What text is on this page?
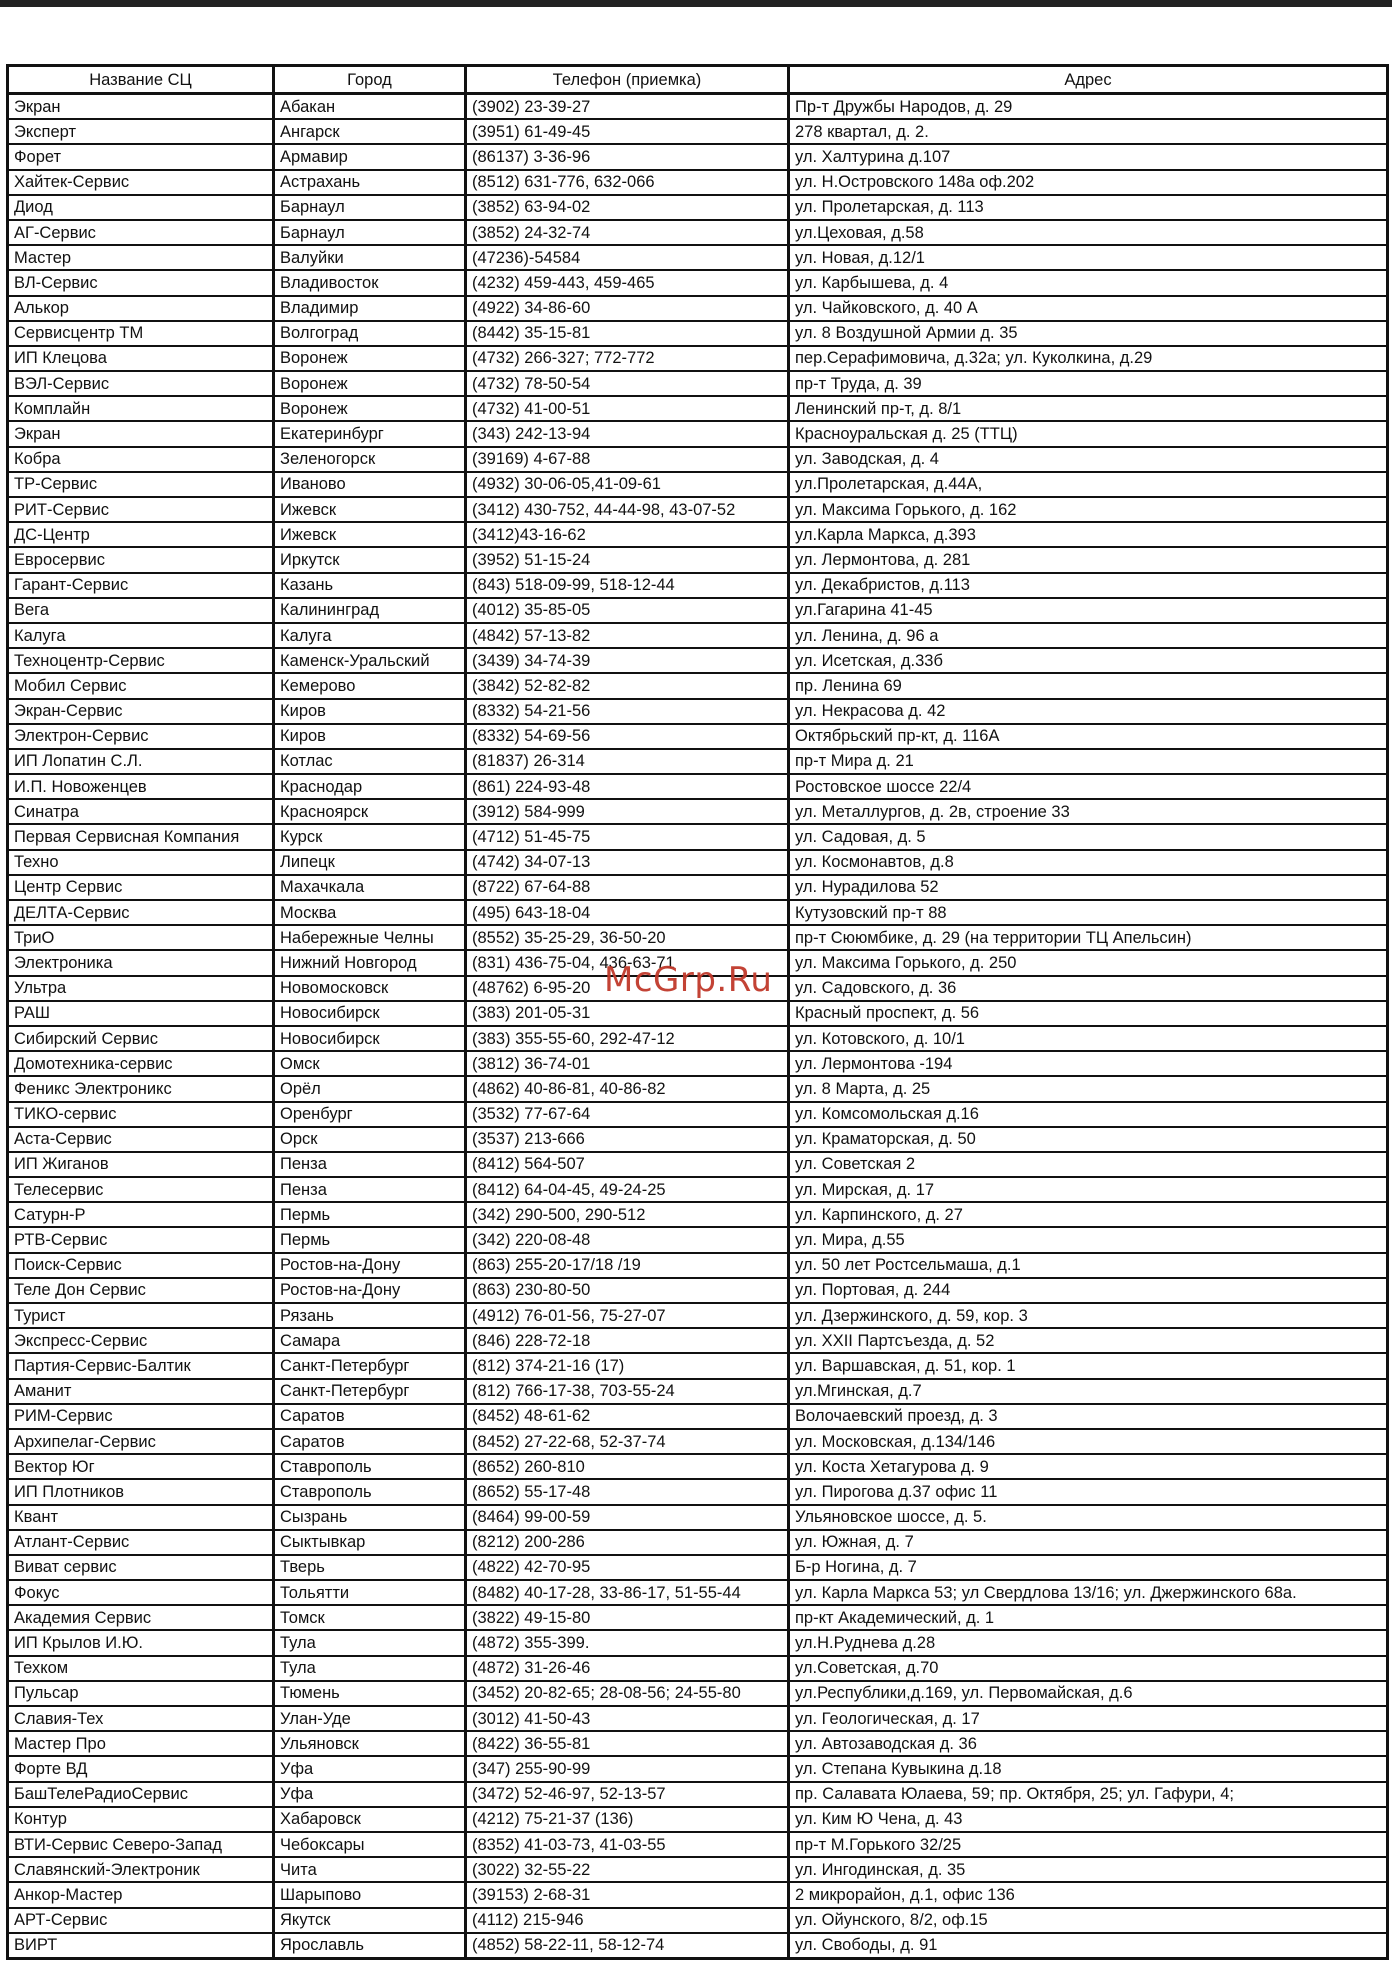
Название СЦ	Город	Телефон (приемка)	Адрес
Экран	Абакан	(3902) 23-39-27	Пр-т Дружбы Народов, д. 29
Эксперт	Ангарск	(3951) 61-49-45	278 квартал, д. 2.
Форет	Армавир	(86137) 3-36-96	ул. Халтурина д.107
Хайтек-Сервис	Астрахань	(8512) 631-776, 632-066	ул. Н.Островского 148а оф.202
Диод	Барнаул	(3852) 63-94-02	ул. Пролетарская, д. 113
АГ-Сервис	Барнаул	(3852) 24-32-74	ул.Цеховая, д.58
Мастер	Валуйки	(47236)-54584	ул. Новая, д.12/1
ВЛ-Сервис	Владивосток	(4232) 459-443, 459-465	ул. Карбышева, д. 4
Алькор	Владимир	(4922) 34-86-60	ул. Чайковского, д. 40 А
Сервисцентр ТМ	Волгоград	(8442) 35-15-81	ул. 8 Воздушной Армии д. 35
ИП Клецова	Воронеж	(4732) 266-327; 772-772	пер.Серафимовича, д.32а; ул. Куколкина, д.29
ВЭЛ-Сервис	Воронеж	(4732) 78-50-54	пр-т Труда, д. 39
Комплайн	Воронеж	(4732) 41-00-51	Ленинский пр-т, д. 8/1
Экран	Екатеринбург	(343) 242-13-94	Красноуральская д. 25 (ТТЦ)
Кобра	Зеленогорск	(39169) 4-67-88	ул. Заводская, д. 4
ТР-Сервис	Иваново	(4932) 30-06-05,41-09-61	ул.Пролетарская, д.44А,
РИТ-Сервис	Ижевск	(3412) 430-752, 44-44-98, 43-07-52	ул. Максима Горького, д. 162
ДС-Центр	Ижевск	(3412)43-16-62	ул.Карла Маркса, д.393
Евросервис	Иркутск	(3952) 51-15-24	ул. Лермонтова, д. 281
Гарант-Сервис	Казань	(843) 518-09-99, 518-12-44	ул. Декабристов, д.113
Вега	Калининград	(4012) 35-85-05	ул.Гагарина 41-45
Калуга	Калуга	(4842) 57-13-82	ул. Ленина, д. 96 а
Техноцентр-Сервис	Каменск-Уральский	(3439) 34-74-39	ул. Исетская, д.33б
Мобил Сервис	Кемерово	(3842) 52-82-82	пр. Ленина 69
Экран-Сервис	Киров	(8332) 54-21-56	ул. Некрасова д. 42
Электрон-Сервис	Киров	(8332) 54-69-56	Октябрьский пр-кт, д. 116А
ИП Лопатин С.Л.	Котлас	(81837) 26-314	пр-т Мира д. 21
И.П. Новоженцев	Краснодар	(861) 224-93-48	Ростовское шоссе 22/4
Синатра	Красноярск	(3912) 584-999	ул. Металлургов, д. 2в, строение 33
Первая Сервисная Компания	Курск	(4712) 51-45-75	ул. Садовая, д. 5
Техно	Липецк	(4742) 34-07-13	ул. Космонавтов, д.8
Центр Сервис	Махачкала	(8722) 67-64-88	ул. Нурадилова 52
ДЕЛТА-Сервис	Москва	(495) 643-18-04	Кутузовский пр-т 88
ТриО	Набережные Челны	(8552) 35-25-29, 36-50-20	пр-т Сююмбике, д. 29 (на территории ТЦ Апельсин)
Электроника	Нижний Новгород	(831) 436-75-04, 436-63-71	ул. Максима Горького, д. 250
Ультра	Новомосковск	(48762) 6-95-20	ул. Садовского, д. 36
РАШ	Новосибирск	(383) 201-05-31	Красный проспект, д. 56
Сибирский Сервис	Новосибирск	(383) 355-55-60, 292-47-12	ул. Котовского, д. 10/1
Домотехника-сервис	Омск	(3812) 36-74-01	ул. Лермонтова -194
Феникс Электроникс	Орёл	(4862) 40-86-81, 40-86-82	ул. 8 Марта, д. 25
ТИКО-сервис	Оренбург	(3532) 77-67-64	ул. Комсомольская д.16
Аста-Сервис	Орск	(3537) 213-666	ул. Краматорская, д. 50
ИП Жиганов	Пенза	(8412) 564-507	ул. Советская 2
Телесервис	Пенза	(8412) 64-04-45, 49-24-25	ул. Мирская, д. 17
Сатурн-Р	Пермь	(342) 290-500, 290-512	ул. Карпинского, д. 27
РТВ-Сервис	Пермь	(342) 220-08-48	ул. Мира, д.55
Поиск-Сервис	Ростов-на-Дону	(863) 255-20-17/18 /19	ул. 50 лет Ростсельмаша, д.1
Теле Дон Сервис	Ростов-на-Дону	(863) 230-80-50	ул. Портовая, д. 244
Турист	Рязань	(4912) 76-01-56, 75-27-07	ул. Дзержинского, д. 59, кор. 3
Экспресс-Сервис	Самара	(846) 228-72-18	ул. XXII Партсъезда, д. 52
Партия-Сервис-Балтик	Санкт-Петербург	(812) 374-21-16 (17)	ул. Варшавская, д. 51, кор. 1
Аманит	Санкт-Петербург	(812) 766-17-38, 703-55-24	ул.Мгинская, д.7
РИМ-Сервис	Саратов	(8452) 48-61-62	Волочаевский проезд, д. 3
Архипелаг-Сервис	Саратов	(8452) 27-22-68, 52-37-74	ул. Московская, д.134/146
Вектор Юг	Ставрополь	(8652) 260-810	ул. Коста Хетагурова д. 9
ИП Плотников	Ставрополь	(8652) 55-17-48	ул. Пирогова д.37 офис 11
Квант	Сызрань	(8464) 99-00-59	Ульяновское шоссе, д. 5.
Атлант-Сервис	Сыктывкар	(8212) 200-286	ул. Южная, д. 7
Виват сервис	Тверь	(4822) 42-70-95	Б-р Ногина, д. 7
Фокус	Тольятти	(8482) 40-17-28, 33-86-17, 51-55-44	ул. Карла Маркса 53; ул Свердлова 13/16; ул. Джержинского 68а.
Академия Сервис	Томск	(3822) 49-15-80	пр-кт Академический, д. 1
ИП Крылов И.Ю.	Тула	(4872) 355-399.	ул.Н.Руднева д.28
Техком	Тула	(4872) 31-26-46	ул.Советская, д.70
Пульсар	Тюмень	(3452) 20-82-65; 28-08-56; 24-55-80	ул.Республики,д.169, ул. Первомайская, д.6
Славия-Тех	Улан-Уде	(3012) 41-50-43	ул. Геологическая, д. 17
Мастер Про	Ульяновск	(8422) 36-55-81	ул. Автозаводская д. 36
Форте ВД	Уфа	(347) 255-90-99	ул. Степана Кувыкина д.18
БашТелеРадиоСервис	Уфа	(3472) 52-46-97, 52-13-57	пр. Салавата Юлаева, 59; пр. Октября, 25; ул. Гафури, 4;
Контур	Хабаровск	(4212) 75-21-37 (136)	ул. Ким Ю Чена, д. 43
ВТИ-Сервис Северо-Запад	Чебоксары	(8352) 41-03-73, 41-03-55	пр-т М.Горького 32/25
Славянский-Электроник	Чита	(3022) 32-55-22	ул. Ингодинская, д. 35
Анкор-Мастер	Шарыпово	(39153) 2-68-31	2 микрорайон, д.1, офис 136
АРТ-Сервис	Якутск	(4112) 215-946	ул. Ойунского, 8/2, оф.15
ВИРТ	Ярославль	(4852) 58-22-11, 58-12-74	ул. Свободы, д. 91
McGrp.Ru
